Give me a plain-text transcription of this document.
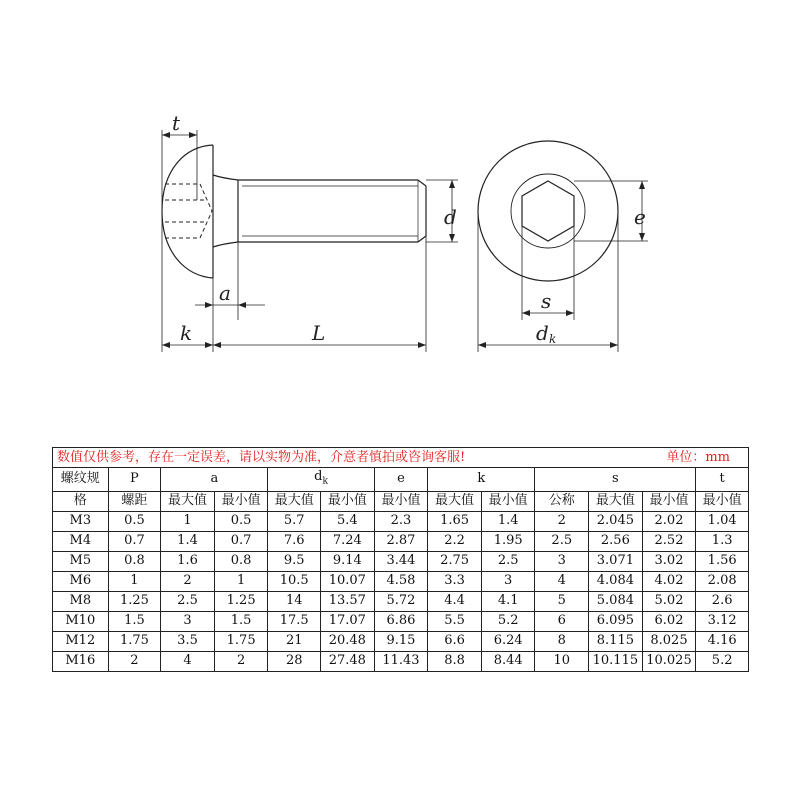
t
a
k	L
d	e
s
d k
数值仅供参考，存在一定误差，请以实物为准，介意者慎拍或咨询客服! 单位：mm												

螺纹规	P	a		$d_k$		e	k		s			t
格	螺距	最大值	最小值	最大值	最小值	最小值	最大值	最小值	公称	最大值	最小值	最小值
M3	0.5	1	0.5	5.7	5.4	2.3	1.65	1.4	2	2.045	2.02	1.04
M4	0.7	1.4	0.7	7.6	7.24	2.87	2.2	1.95	2.5	2.56	2.52	1.3
M5	0.8	1.6	0.8	9.5	9.14	3.44	2.75	2.5	3	3.071	3.02	1.56
M6	1	2	1	10.5	10.07	4.58	3.3	3	4	4.084	4.02	2.08
M8	1.25	2.5	1.25	14	13.57	5.72	4.4	4.1	5	5.084	5.02	2.6
M10	1.5	3	1.5	17.5	17.07	6.86	5.5	5.2	6	6.095	6.02	3.12
M12	1.75	3.5	1.75	21	20.48	9.15	6.6	6.24	8	8.115	8.025	4.16
M16	2	4	2	28	27.48	11.43	8.8	8.44	10	10.115	10.025	5.2
